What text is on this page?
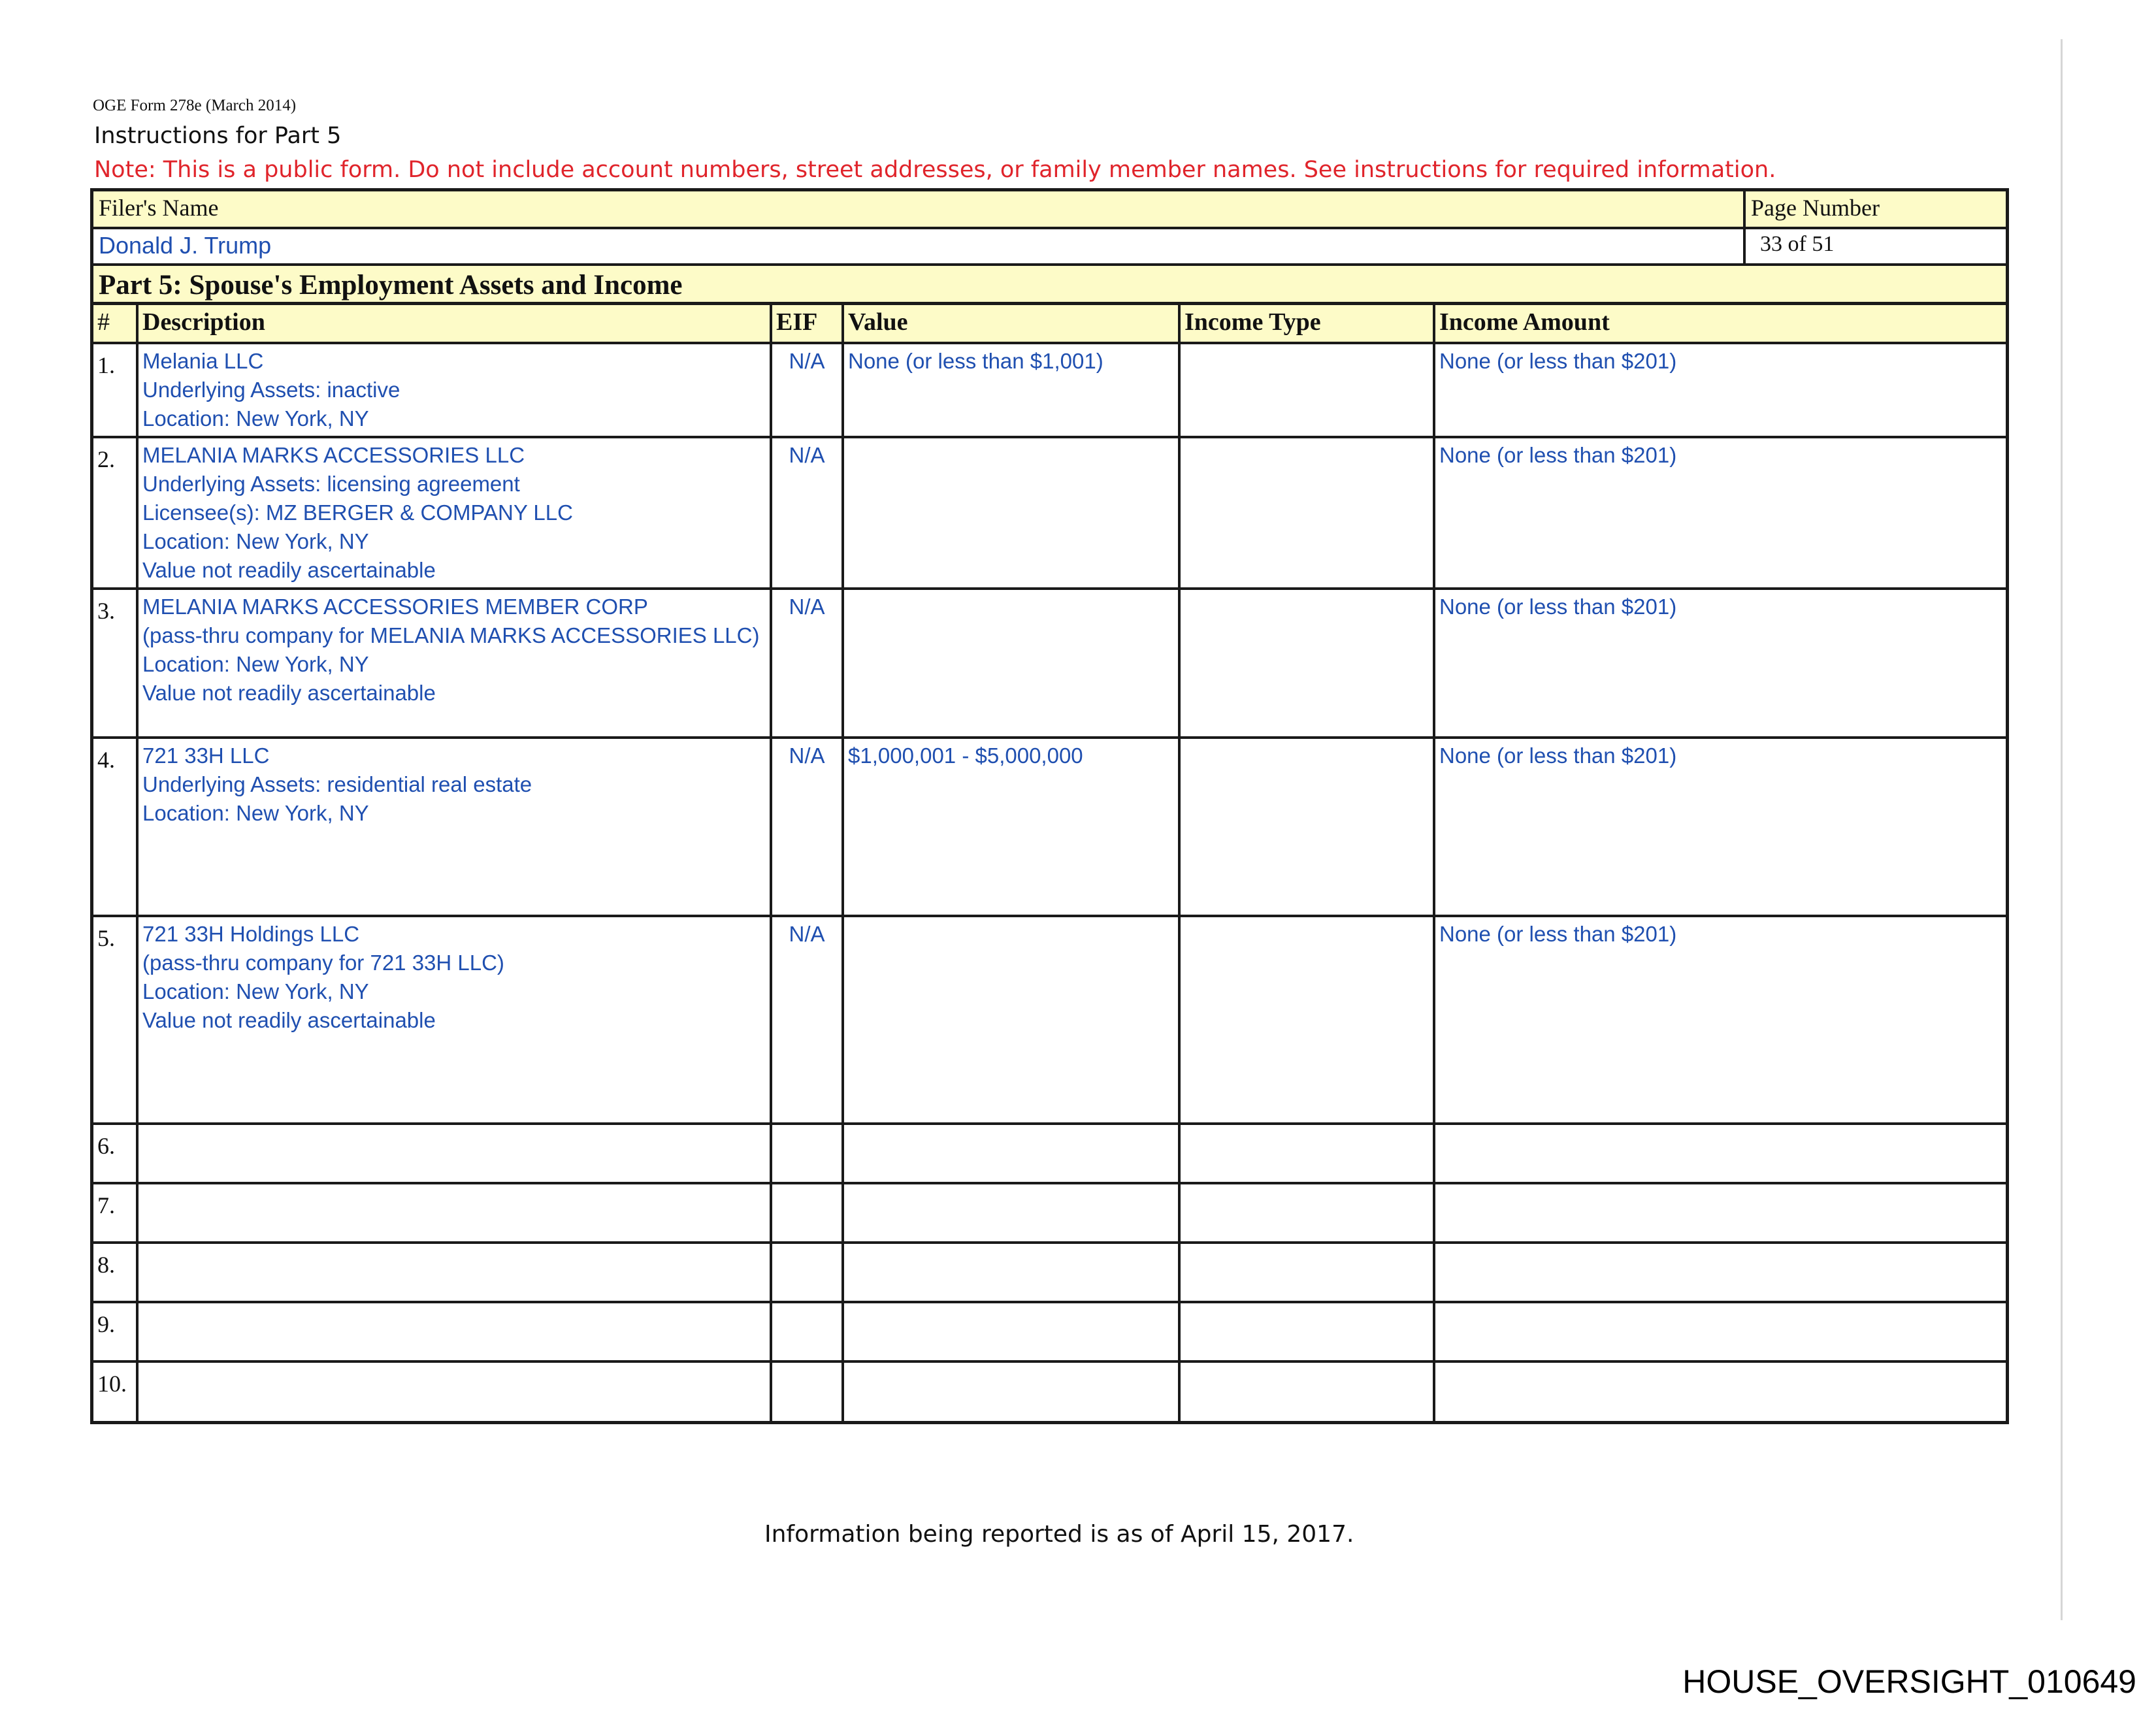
OGE Form 278e (March 2014)
Instructions for Part 5
Note: This is a public form. Do not include account numbers, street addresses, or family member names. See instructions for required information.
Filer's Name
Donald J. Trump
Page Number
33 of 51
Part 5: Spouse's Employment Assets and Income
#	Description	EIF	Value	Income Type	Income Amount
1.	Melania LLC
Underlying Assets: inactive
Location: New York, NY	N/A	None (or less than $1,001)		None (or less than $201)
2.	MELANIA MARKS ACCESSORIES LLC
Underlying Assets: licensing agreement
Licensee(s): MZ BERGER & COMPANY LLC
Location: New York, NY
Value not readily ascertainable	N/A			None (or less than $201)
3.	MELANIA MARKS ACCESSORIES MEMBER CORP
(pass-thru company for MELANIA MARKS ACCESSORIES LLC)
Location: New York, NY
Value not readily ascertainable	N/A			None (or less than $201)
4.	721 33H LLC
Underlying Assets: residential real estate
Location: New York, NY	N/A	$1,000,001 - $5,000,000		None (or less than $201)
5.	721 33H Holdings LLC
(pass-thru company for 721 33H LLC)
Location: New York, NY
Value not readily ascertainable	N/A			None (or less than $201)
6.					
7.					
8.					
9.					
10.					
Information being reported is as of April 15, 2017.
HOUSE_OVERSIGHT_010649
